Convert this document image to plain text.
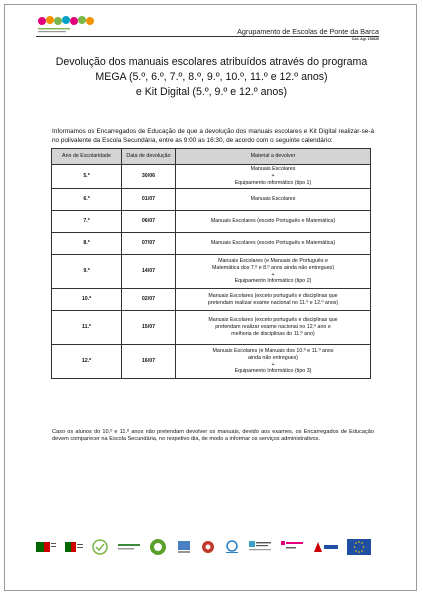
Agrupamento de Escolas de Ponte da Barca
Cód. Agr. 152626
Devolução dos manuais escolares atribuídos através do programa
MEGA (5.º, 6.º, 7.º, 8.º, 9.º, 10.º, 11.º e 12.º anos)
e Kit Digital (5.º, 9.º e 12.º anos)
Informamos os Encarregados de Educação de que a devolução dos manuais escolares e Kit Digital realizar-se-á no polivalente da Escola Secundária, entre as 9:00 as 16:30, de acordo com o seguinte calendário:
Ano de Escolaridade	Data de devolução	Material a devolver
5.º	30/06	Manuais Escolares
+
Equipamento informático (tipo 1)

6.º	01/07	Manuais Escolares

7.º	06/07	Manuais Escolares (exceto Português e Matemática)

8.º	07/07	Manuais Escolares (exceto Português e Matemática)

9.º	14/07	Manuais Escolares (e Manuais de Português e
Matemática dos 7.º e 8.º anos ainda não entregues)
+
Equipamento Informático (tipo 2)

10.º	02/07	Manuais Escolares (exceto português e disciplinas que
pretendam realizar exame nacional no 11.º e 12.º anos)

11.º	15/07	Manuais Escolares (exceto português e disciplinas que
pretendam realizar exame nacional no 12.º ano e
melhoria de disciplinas do 11.º ano)

12.º	16/07	Manuais Escolares (e Manuais dos 10.º e 11.º anos
ainda não entregues)
+
Equipamento Informático (tipo 3)
Caso os alunos do 10.º e 11.º anos não pretendam devolver os manuais, devido aos exames, os Encarregados de Educação devem comparecer na Escola Secundária, no respetivo dia, de modo a informar os serviços administrativos.
